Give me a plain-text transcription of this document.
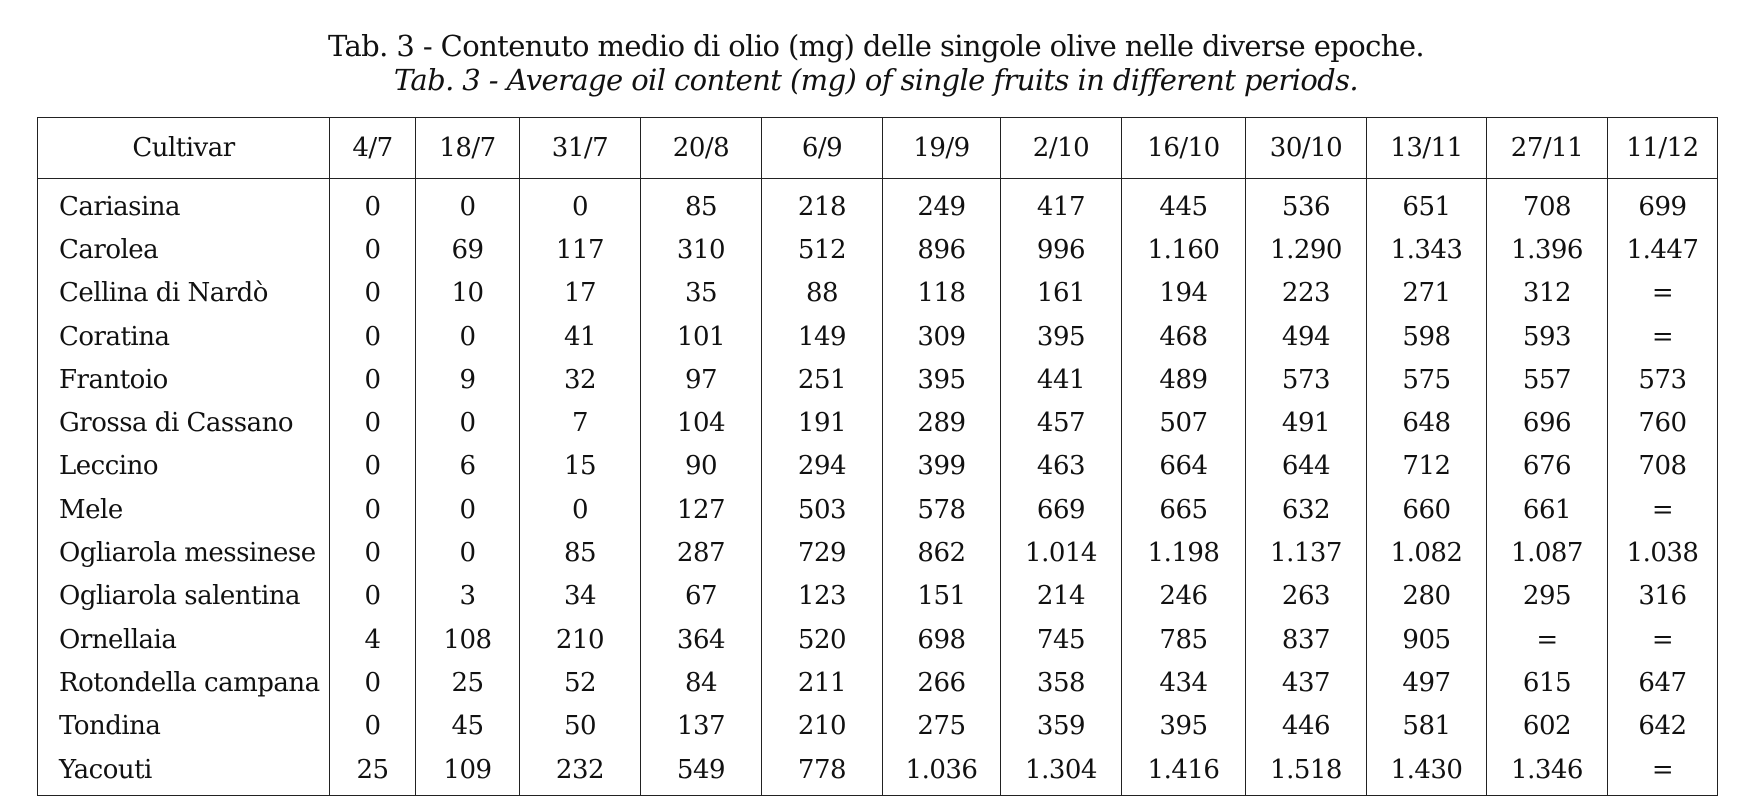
Tab. 3 - Contenuto medio di olio (mg) delle singole olive nelle diverse epoche.
Tab. 3 - Average oil content (mg) of single fruits in different periods.
Cultivar	4/7	18/7	31/7	20/8	6/9	19/9	2/10	16/10	30/10	13/11	27/11	11/12
Cariasina	0	0	0	85	218	249	417	445	536	651	708	699
Carolea	0	69	117	310	512	896	996	1.160	1.290	1.343	1.396	1.447
Cellina di Nardò	0	10	17	35	88	118	161	194	223	271	312	=
Coratina	0	0	41	101	149	309	395	468	494	598	593	=
Frantoio	0	9	32	97	251	395	441	489	573	575	557	573
Grossa di Cassano	0	0	7	104	191	289	457	507	491	648	696	760
Leccino	0	6	15	90	294	399	463	664	644	712	676	708
Mele	0	0	0	127	503	578	669	665	632	660	661	=
Ogliarola messinese	0	0	85	287	729	862	1.014	1.198	1.137	1.082	1.087	1.038
Ogliarola salentina	0	3	34	67	123	151	214	246	263	280	295	316
Ornellaia	4	108	210	364	520	698	745	785	837	905	=	=
Rotondella campana	0	25	52	84	211	266	358	434	437	497	615	647
Tondina	0	45	50	137	210	275	359	395	446	581	602	642
Yacouti	25	109	232	549	778	1.036	1.304	1.416	1.518	1.430	1.346	=
